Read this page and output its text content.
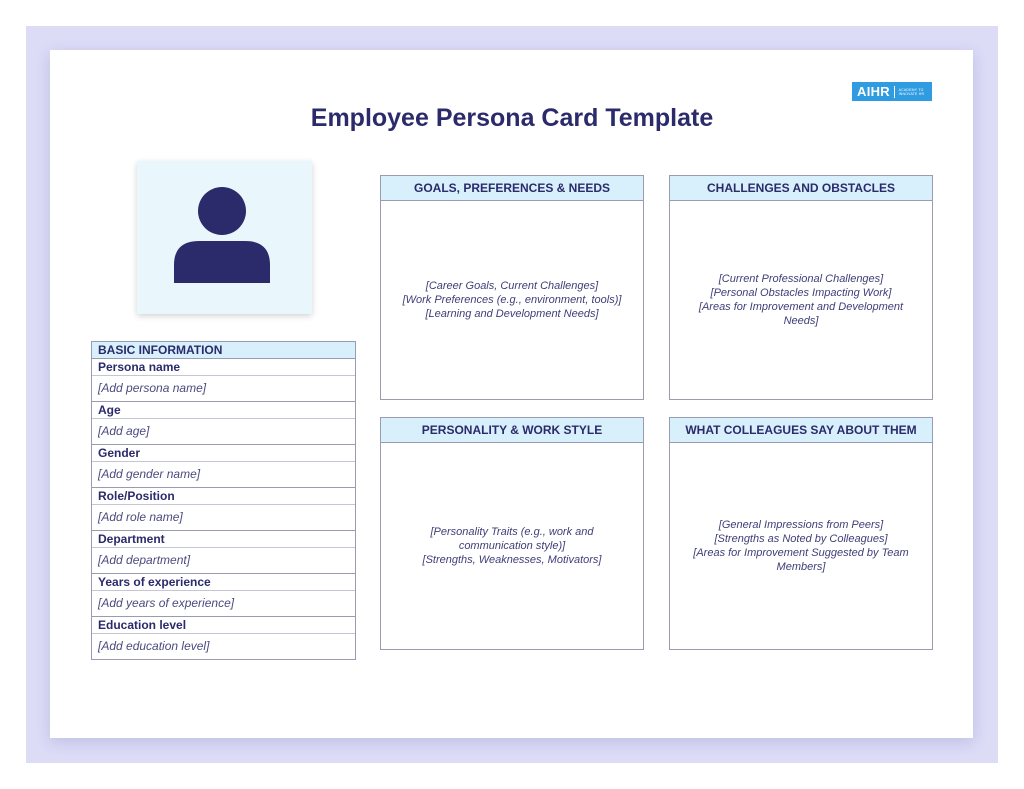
AIHR ACADEMY TO INNOVATE HR
Employee Persona Card Template
BASIC INFORMATION
Persona name
[Add persona name]
Age
[Add age]
Gender
[Add gender name]
Role/Position
[Add role name]
Department
[Add department]
Years of experience
[Add years of experience]
Education level
[Add education level]
GOALS, PREFERENCES & NEEDS
[Career Goals, Current Challenges]
[Work Preferences (e.g., environment, tools)]
[Learning and Development Needs]
CHALLENGES AND OBSTACLES
[Current Professional Challenges]
[Personal Obstacles Impacting Work]
[Areas for Improvement and Development
Needs]
PERSONALITY & WORK STYLE
[Personality Traits (e.g., work and
communication style)]
[Strengths, Weaknesses, Motivators]
WHAT COLLEAGUES SAY ABOUT THEM
[General Impressions from Peers]
[Strengths as Noted by Colleagues]
[Areas for Improvement Suggested by Team
Members]
